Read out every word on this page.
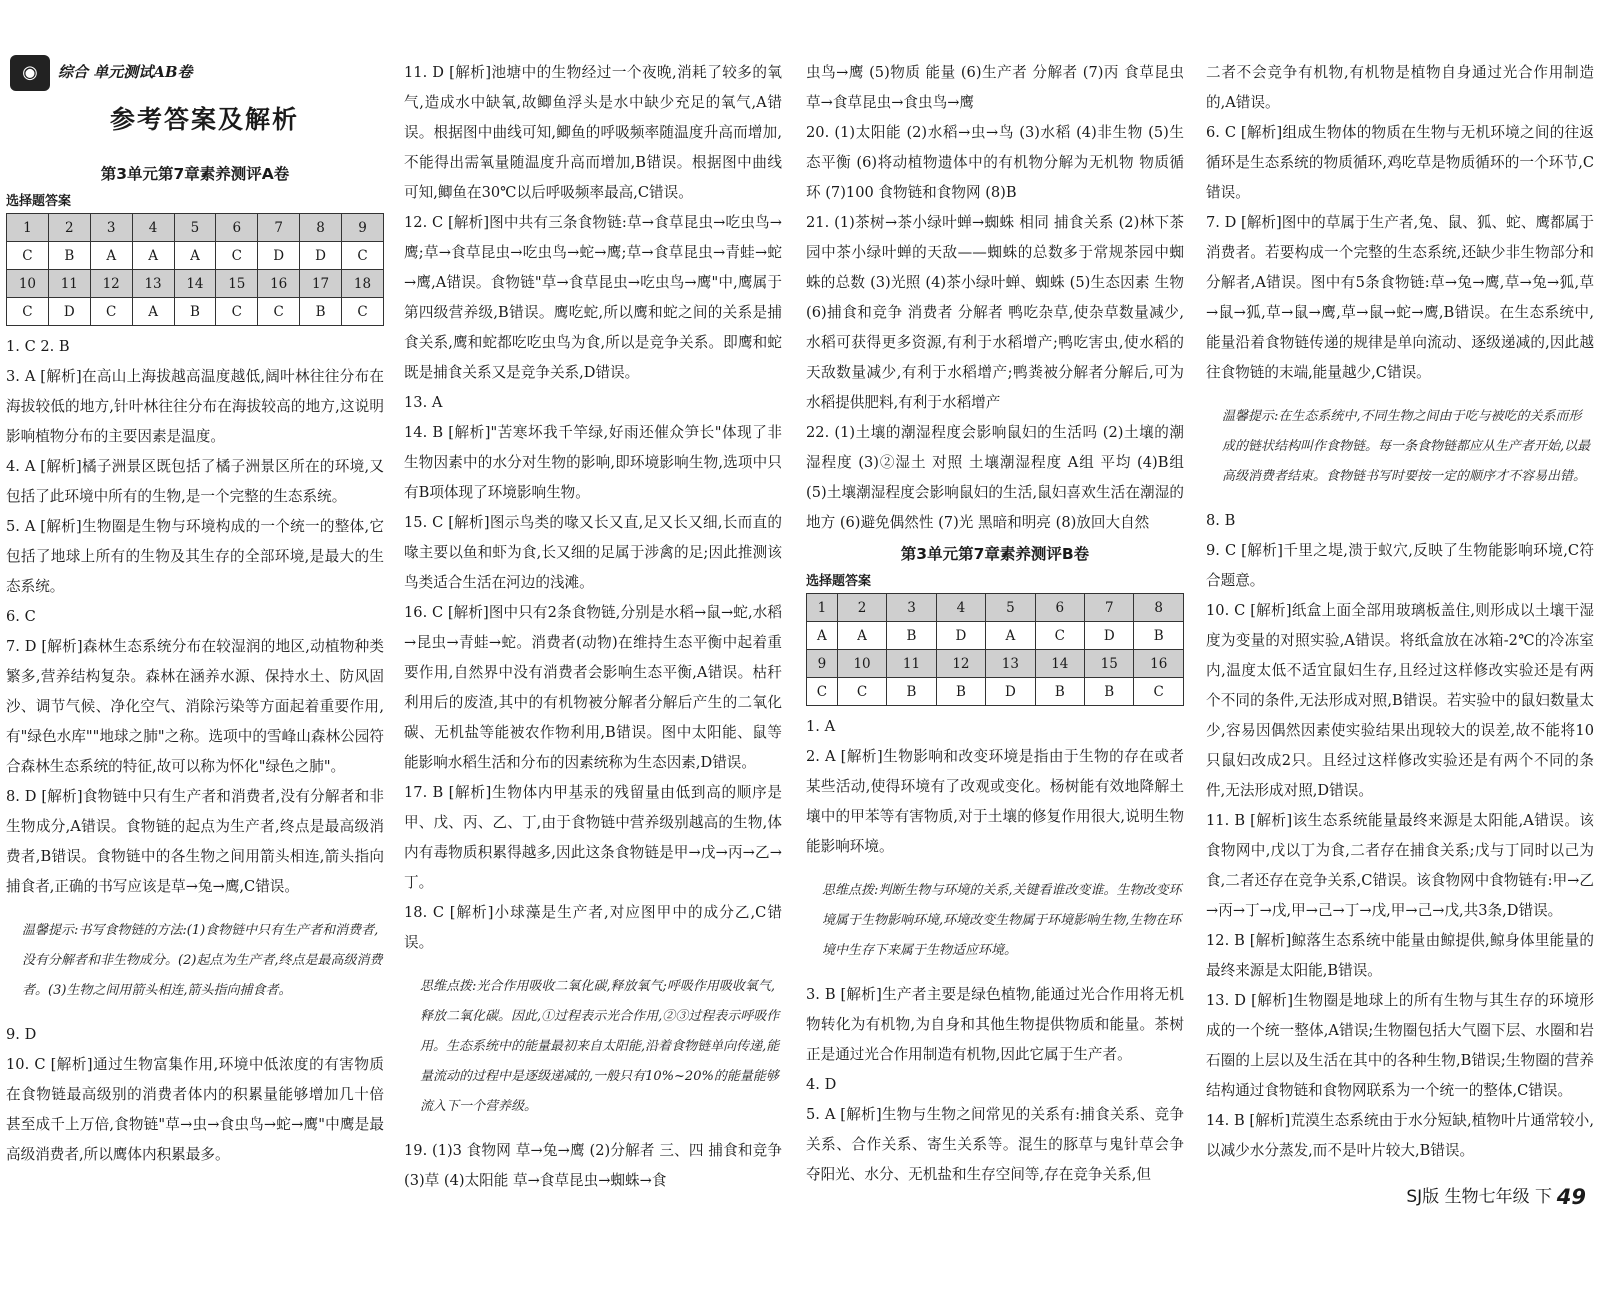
◉	综合 单元测试AB卷
参考答案及解析
第3单元第7章素养测评A卷
选择题答案
1	2	3	4	5	6	7	8	9
C	B	A	A	A	C	D	D	C
10	11	12	13	14	15	16	17	18
C	D	C	A	B	C	C	B	C

1. C 2. B

3. A [解析]在高山上海拔越高温度越低,阔叶林往往分布在海拔较低的地方,针叶林往往分布在海拔较高的地方,这说明影响植物分布的主要因素是温度。

4. A [解析]橘子洲景区既包括了橘子洲景区所在的环境,又包括了此环境中所有的生物,是一个完整的生态系统。

5. A [解析]生物圈是生物与环境构成的一个统一的整体,它包括了地球上所有的生物及其生存的全部环境,是最大的生态系统。

6. C

7. D [解析]森林生态系统分布在较湿润的地区,动植物种类繁多,营养结构复杂。森林在涵养水源、保持水土、防风固沙、调节气候、净化空气、消除污染等方面起着重要作用,有"绿色水库""地球之肺"之称。选项中的雪峰山森林公园符合森林生态系统的特征,故可以称为怀化"绿色之肺"。

8. D [解析]食物链中只有生产者和消费者,没有分解者和非生物成分,A错误。食物链的起点为生产者,终点是最高级消费者,B错误。食物链中的各生物之间用箭头相连,箭头指向捕食者,正确的书写应该是草→兔→鹰,C错误。

温馨提示:书写食物链的方法:(1)食物链中只有生产者和消费者,没有分解者和非生物成分。(2)起点为生产者,终点是最高级消费者。(3)生物之间用箭头相连,箭头指向捕食者。

9. D

10. C [解析]通过生物富集作用,环境中低浓度的有害物质在食物链最高级别的消费者体内的积累量能够增加几十倍甚至成千上万倍,食物链"草→虫→食虫鸟→蛇→鹰"中鹰是最高级消费者,所以鹰体内积累最多。

11. D [解析]池塘中的生物经过一个夜晚,消耗了较多的氧气,造成水中缺氧,故鲫鱼浮头是水中缺少充足的氧气,A错误。根据图中曲线可知,鲫鱼的呼吸频率随温度升高而增加,不能得出需氧量随温度升高而增加,B错误。根据图中曲线可知,鲫鱼在30℃以后呼吸频率最高,C错误。

12. C [解析]图中共有三条食物链:草→食草昆虫→吃虫鸟→鹰;草→食草昆虫→吃虫鸟→蛇→鹰;草→食草昆虫→青蛙→蛇→鹰,A错误。食物链"草→食草昆虫→吃虫鸟→鹰"中,鹰属于第四级营养级,B错误。鹰吃蛇,所以鹰和蛇之间的关系是捕食关系,鹰和蛇都吃吃虫鸟为食,所以是竞争关系。即鹰和蛇既是捕食关系又是竞争关系,D错误。

13. A

14. B [解析]"苦寒坏我千竿绿,好雨还催众笋长"体现了非生物因素中的水分对生物的影响,即环境影响生物,选项中只有B项体现了环境影响生物。

15. C [解析]图示鸟类的喙又长又直,足又长又细,长而直的喙主要以鱼和虾为食,长又细的足属于涉禽的足;因此推测该鸟类适合生活在河边的浅滩。

16. C [解析]图中只有2条食物链,分别是水稻→鼠→蛇,水稻→昆虫→青蛙→蛇。消费者(动物)在维持生态平衡中起着重要作用,自然界中没有消费者会影响生态平衡,A错误。枯秆利用后的废渣,其中的有机物被分解者分解后产生的二氧化碳、无机盐等能被农作物利用,B错误。图中太阳能、鼠等能影响水稻生活和分布的因素统称为生态因素,D错误。

17. B [解析]生物体内甲基汞的残留量由低到高的顺序是甲、戊、丙、乙、丁,由于食物链中营养级别越高的生物,体内有毒物质积累得越多,因此这条食物链是甲→戊→丙→乙→丁。

18. C [解析]小球藻是生产者,对应图甲中的成分乙,C错误。

思维点拨:光合作用吸收二氧化碳,释放氧气;呼吸作用吸收氧气,释放二氧化碳。因此,①过程表示光合作用,②③过程表示呼吸作用。生态系统中的能量最初来自太阳能,沿着食物链单向传递,能量流动的过程中是逐级递减的,一般只有10%~20%的能量能够流入下一个营养级。

19. (1)3 食物网 草→兔→鹰 (2)分解者 三、四 捕食和竞争 (3)草 (4)太阳能 草→食草昆虫→蜘蛛→食

虫鸟→鹰 (5)物质 能量 (6)生产者 分解者 (7)丙 食草昆虫 草→食草昆虫→食虫鸟→鹰

20. (1)太阳能 (2)水稻→虫→鸟 (3)水稻 (4)非生物 (5)生态平衡 (6)将动植物遗体中的有机物分解为无机物 物质循环 (7)100 食物链和食物网 (8)B

21. (1)茶树→茶小绿叶蝉→蜘蛛 相同 捕食关系 (2)林下茶园中茶小绿叶蝉的天敌——蜘蛛的总数多于常规茶园中蜘蛛的总数 (3)光照 (4)茶小绿叶蝉、蜘蛛 (5)生态因素 生物 (6)捕食和竞争 消费者 分解者 鸭吃杂草,使杂草数量减少,水稻可获得更多资源,有利于水稻增产;鸭吃害虫,使水稻的天敌数量减少,有利于水稻增产;鸭粪被分解者分解后,可为水稻提供肥料,有利于水稻增产

22. (1)土壤的潮湿程度会影响鼠妇的生活吗 (2)土壤的潮湿程度 (3)②湿土 对照 土壤潮湿程度 A组 平均 (4)B组 (5)土壤潮湿程度会影响鼠妇的生活,鼠妇喜欢生活在潮湿的地方 (6)避免偶然性 (7)光 黑暗和明亮 (8)放回大自然

第3单元第7章素养测评B卷
选择题答案
1	2	3	4	5	6	7	8
A	A	B	D	A	C	D	B
9	10	11	12	13	14	15	16
C	C	B	B	D	B	B	C

1. A

2. A [解析]生物影响和改变环境是指由于生物的存在或者某些活动,使得环境有了改观或变化。杨树能有效地降解土壤中的甲苯等有害物质,对于土壤的修复作用很大,说明生物能影响环境。

思维点拨:判断生物与环境的关系,关键看谁改变谁。生物改变环境属于生物影响环境,环境改变生物属于环境影响生物,生物在环境中生存下来属于生物适应环境。

3. B [解析]生产者主要是绿色植物,能通过光合作用将无机物转化为有机物,为自身和其他生物提供物质和能量。茶树正是通过光合作用制造有机物,因此它属于生产者。

4. D

5. A [解析]生物与生物之间常见的关系有:捕食关系、竞争关系、合作关系、寄生关系等。混生的豚草与鬼针草会争夺阳光、水分、无机盐和生存空间等,存在竞争关系,但

二者不会竞争有机物,有机物是植物自身通过光合作用制造的,A错误。

6. C [解析]组成生物体的物质在生物与无机环境之间的往返循环是生态系统的物质循环,鸡吃草是物质循环的一个环节,C错误。

7. D [解析]图中的草属于生产者,兔、鼠、狐、蛇、鹰都属于消费者。若要构成一个完整的生态系统,还缺少非生物部分和分解者,A错误。图中有5条食物链:草→兔→鹰,草→兔→狐,草→鼠→狐,草→鼠→鹰,草→鼠→蛇→鹰,B错误。在生态系统中,能量沿着食物链传递的规律是单向流动、逐级递减的,因此越往食物链的末端,能量越少,C错误。

温馨提示:在生态系统中,不同生物之间由于吃与被吃的关系而形成的链状结构叫作食物链。每一条食物链都应从生产者开始,以最高级消费者结束。食物链书写时要按一定的顺序才不容易出错。

8. B

9. C [解析]千里之堤,溃于蚁穴,反映了生物能影响环境,C符合题意。

10. C [解析]纸盒上面全部用玻璃板盖住,则形成以土壤干湿度为变量的对照实验,A错误。将纸盒放在冰箱-2℃的冷冻室内,温度太低不适宜鼠妇生存,且经过这样修改实验还是有两个不同的条件,无法形成对照,B错误。若实验中的鼠妇数量太少,容易因偶然因素使实验结果出现较大的误差,故不能将10只鼠妇改成2只。且经过这样修改实验还是有两个不同的条件,无法形成对照,D错误。

11. B [解析]该生态系统能量最终来源是太阳能,A错误。该食物网中,戊以丁为食,二者存在捕食关系;戊与丁同时以己为食,二者还存在竞争关系,C错误。该食物网中食物链有:甲→乙→丙→丁→戊,甲→己→丁→戊,甲→己→戊,共3条,D错误。

12. B [解析]鲸落生态系统中能量由鲸提供,鲸身体里能量的最终来源是太阳能,B错误。

13. D [解析]生物圈是地球上的所有生物与其生存的环境形成的一个统一整体,A错误;生物圈包括大气圈下层、水圈和岩石圈的上层以及生活在其中的各种生物,B错误;生物圈的营养结构通过食物链和食物网联系为一个统一的整体,C错误。

14. B [解析]荒漠生态系统由于水分短缺,植物叶片通常较小,以减少水分蒸发,而不是叶片较大,B错误。

SJ版 生物七年级 下 49
